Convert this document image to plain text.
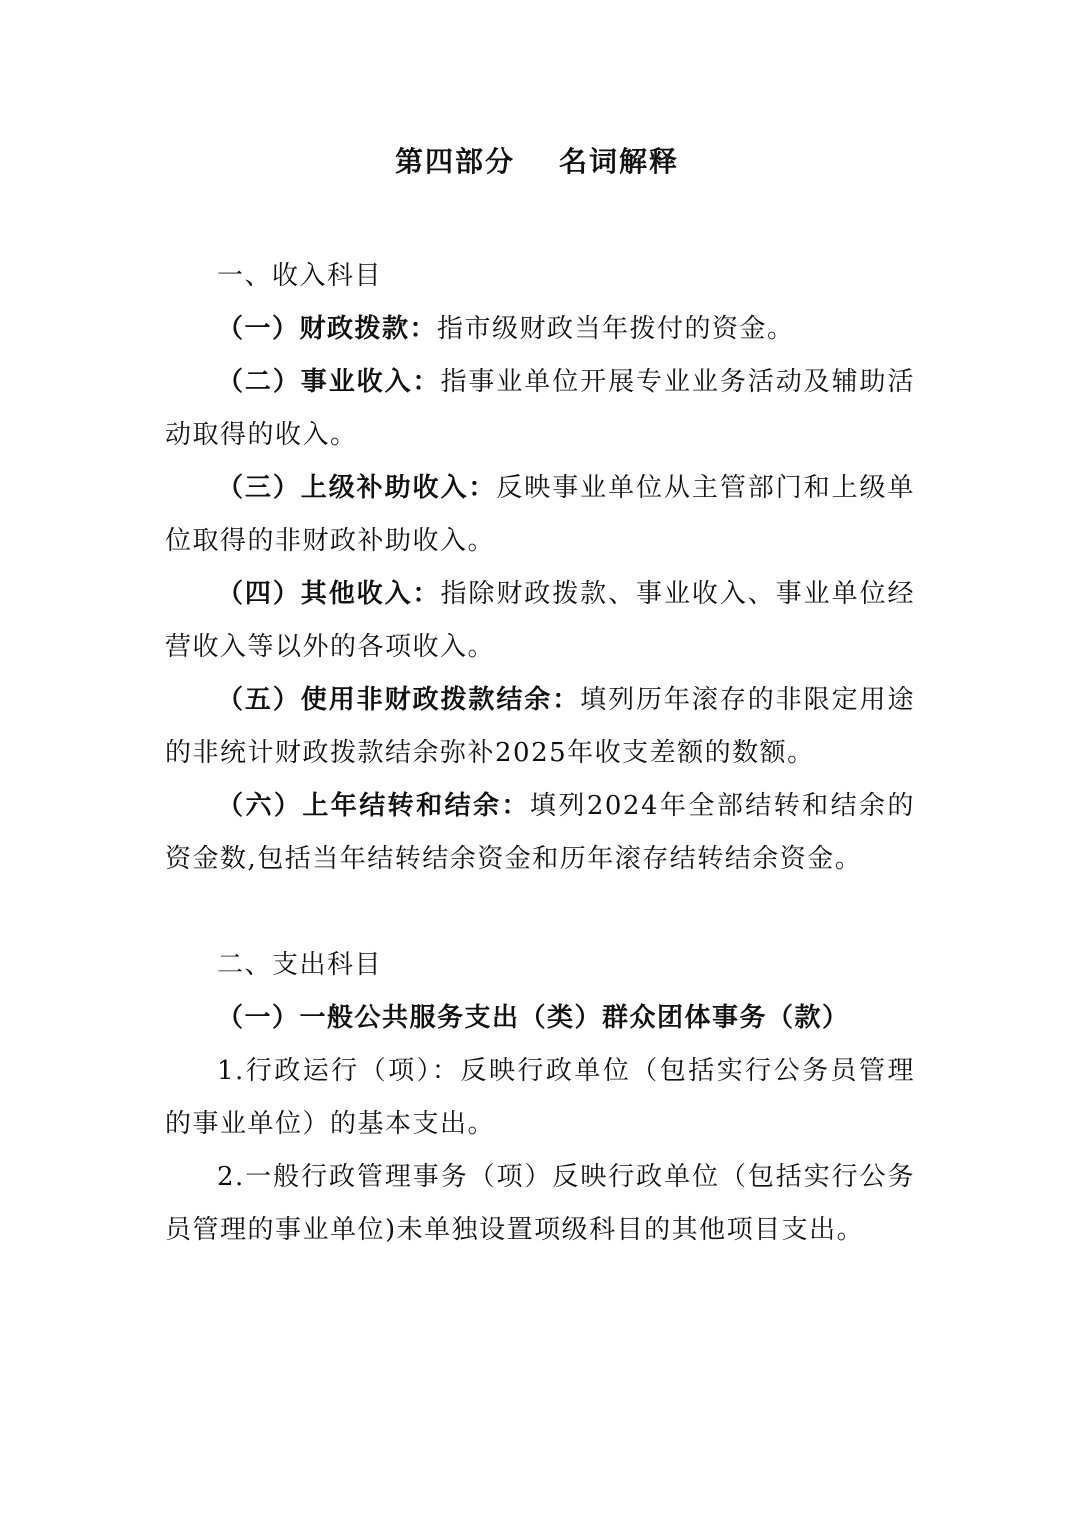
第四部分 名词解释

一、收入科目

（一）财政拨款：指市级财政当年拨付的资金。

（二）事业收入：指事业单位开展专业业务活动及辅助活动取得的收入。

（三）上级补助收入：反映事业单位从主管部门和上级单位取得的非财政补助收入。

（四）其他收入：指除财政拨款、事业收入、事业单位经营收入等以外的各项收入。

（五）使用非财政拨款结余：填列历年滚存的非限定用途的非统计财政拨款结余弥补2025年收支差额的数额。

（六）上年结转和结余：填列2024年全部结转和结余的资金数,包括当年结转结余资金和历年滚存结转结余资金。

二、支出科目

（一）一般公共服务支出（类）群众团体事务（款）

1.行政运行（项）：反映行政单位（包括实行公务员管理的事业单位）的基本支出。

2.一般行政管理事务（项）反映行政单位（包括实行公务员管理的事业单位)未单独设置项级科目的其他项目支出。
